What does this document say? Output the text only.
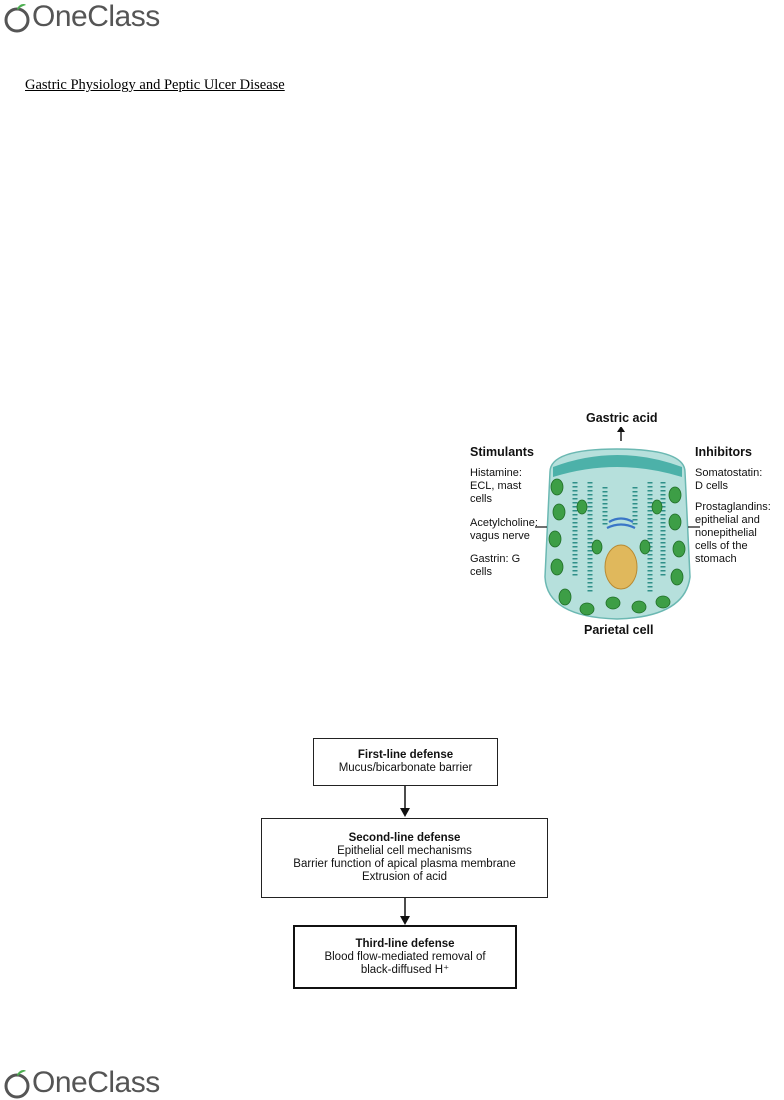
OneClass
Gastric Physiology and Peptic Ulcer Disease
Gastric acid
Stimulants	Inhibitors
Histamine:
ECL, mast
cells
Acetylcholine:
vagus nerve
Gastrin: G
cells
Somatostatin:
D cells
Prostaglandins:
epithelial and
nonepithelial
cells of the
stomach
Parietal cell
First-line defense
Mucus/bicarbonate barrier
Second-line defense
Epithelial cell mechanisms
Barrier function of apical plasma membrane
Extrusion of acid
Third-line defense
Blood flow-mediated removal of
black-diffused H⁺
OneClass
